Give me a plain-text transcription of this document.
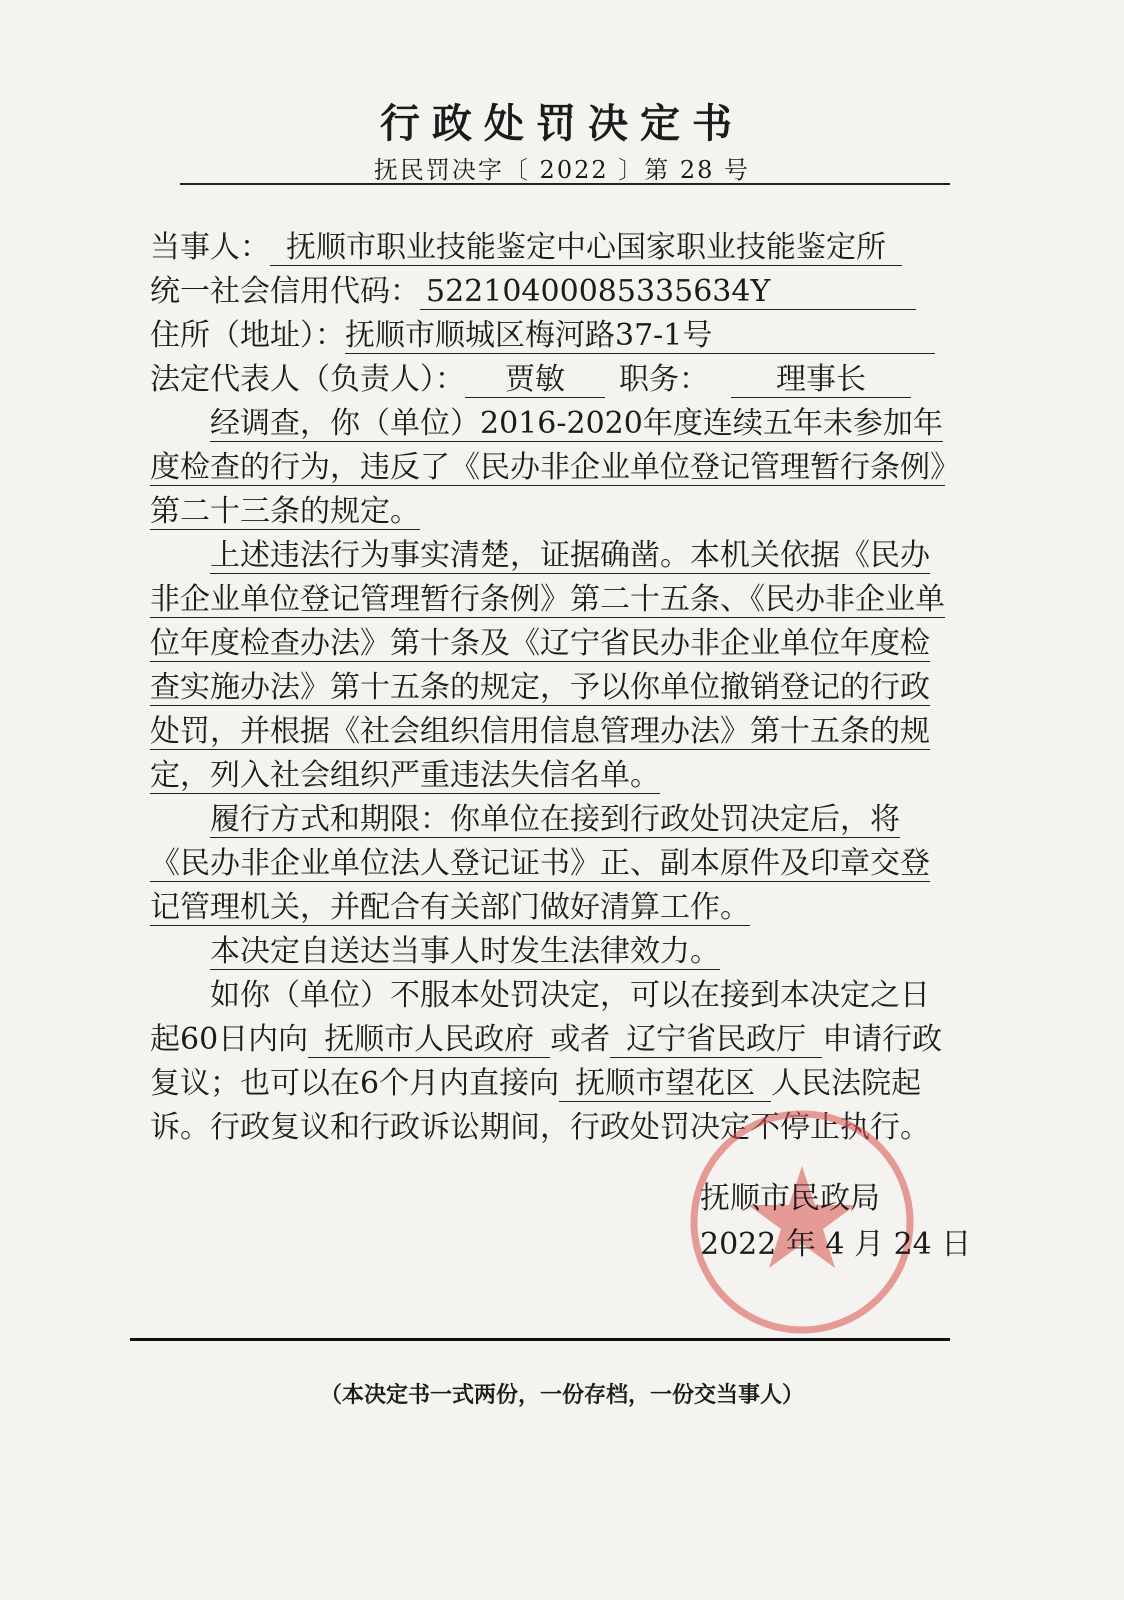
行政处罚决定书
抚民罚决字〔 2022 〕第 28 号
当事人： 抚顺市职业技能鉴定中心国家职业技能鉴定所
统一社会信用代码： 52210400085335634Y
住所（地址）：抚顺市顺城区梅河路37-1号
法定代表人（负责人）： 贾敏 职务： 理事长

经调查，你（单位）2016-2020年度连续五年未参加年度检查的行为，违反了《民办非企业单位登记管理暂行条例》第二十三条的规定。

上述违法行为事实清楚，证据确凿。本机关依据《民办非企业单位登记管理暂行条例》第二十五条、《民办非企业单位年度检查办法》第十条及《辽宁省民办非企业单位年度检查实施办法》第十五条的规定，予以你单位撤销登记的行政处罚，并根据《社会组织信用信息管理办法》第十五条的规定，列入社会组织严重违法失信名单。

履行方式和期限：你单位在接到行政处罚决定后，将《民办非企业单位法人登记证书》正、副本原件及印章交登记管理机关，并配合有关部门做好清算工作。

本决定自送达当事人时发生法律效力。

如你（单位）不服本处罚决定，可以在接到本决定之日起60日内向 抚顺市人民政府 或者 辽宁省民政厅 申请行政复议；也可以在6个月内直接向 抚顺市望花区 人民法院起诉。行政复议和行政诉讼期间，行政处罚决定不停止执行。

抚顺市民政局
2022 年 4 月 24 日
（本决定书一式两份，一份存档，一份交当事人）
